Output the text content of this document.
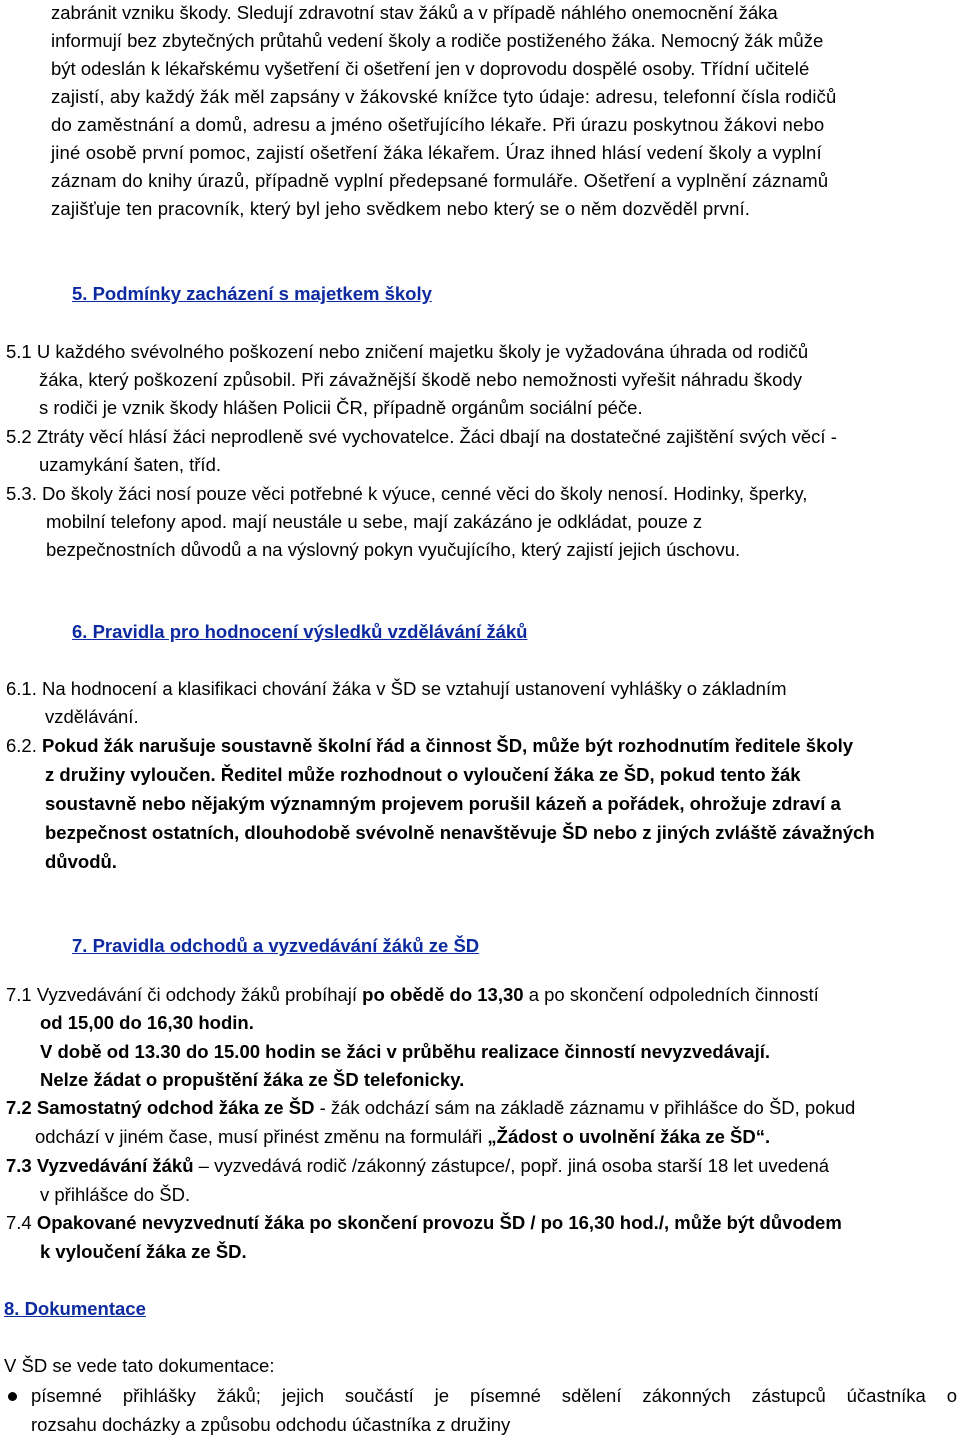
zabránit vzniku škody. Sledují zdravotní stav žáků a v případě náhlého onemocnění žáka
informují bez zbytečných průtahů vedení školy a rodiče postiženého žáka. Nemocný žák může
být odeslán k lékařskému vyšetření či ošetření jen v doprovodu dospělé osoby. Třídní učitelé
zajistí, aby každý žák měl zapsány v žákovské knížce tyto údaje: adresu, telefonní čísla rodičů
do zaměstnání a domů, adresu a jméno ošetřujícího lékaře. Při úrazu poskytnou žákovi nebo
jiné osobě první pomoc, zajistí ošetření žáka lékařem. Úraz ihned hlásí vedení školy a vyplní
záznam do knihy úrazů, případně vyplní předepsané formuláře. Ošetření a vyplnění záznamů
zajišťuje ten pracovník, který byl jeho svědkem nebo který se o něm dozvěděl první.
5. Podmínky zacházení s majetkem školy
5.1 U každého svévolného poškození nebo zničení majetku školy je vyžadována úhrada od rodičů
žáka, který poškození způsobil. Při závažnější škodě nebo nemožnosti vyřešit náhradu škody
s rodiči je vznik škody hlášen Policii ČR, případně orgánům sociální péče.
5.2 Ztráty věcí hlásí žáci neprodleně své vychovatelce. Žáci dbají na dostatečné zajištění svých věcí -
uzamykání šaten, tříd.
5.3. Do školy žáci nosí pouze věci potřebné k výuce, cenné věci do školy nenosí. Hodinky, šperky,
mobilní telefony apod. mají neustále u sebe, mají zakázáno je odkládat, pouze z
bezpečnostních důvodů a na výslovný pokyn vyučujícího, který zajistí jejich úschovu.
6. Pravidla pro hodnocení výsledků vzdělávání žáků
6.1. Na hodnocení a klasifikaci chování žáka v ŠD se vztahují ustanovení vyhlášky o základním
vzdělávání.
6.2. Pokud žák narušuje soustavně školní řád a činnost ŠD, může být rozhodnutím ředitele školy
z družiny vyloučen. Ředitel může rozhodnout o vyloučení žáka ze ŠD, pokud tento žák
soustavně nebo nějakým významným projevem porušil kázeň a pořádek, ohrožuje zdraví a
bezpečnost ostatních, dlouhodobě svévolně nenavštěvuje ŠD nebo z jiných zvláště závažných
důvodů.
7. Pravidla odchodů a vyzvedávání žáků ze ŠD
7.1 Vyzvedávání či odchody žáků probíhají po obědě do 13,30 a po skončení odpoledních činností
od 15,00 do 16,30 hodin.
V době od 13.30 do 15.00 hodin se žáci v průběhu realizace činností nevyzvedávají.
Nelze žádat o propuštění žáka ze ŠD telefonicky.
7.2 Samostatný odchod žáka ze ŠD - žák odchází sám na základě záznamu v přihlášce do ŠD, pokud
odchází v jiném čase, musí přinést změnu na formuláři „Žádost o uvolnění žáka ze ŠD“.
7.3 Vyzvedávání žáků – vyzvedává rodič /zákonný zástupce/, popř. jiná osoba starší 18 let uvedená
v přihlášce do ŠD.
7.4 Opakované nevyzvednutí žáka po skončení provozu ŠD / po 16,30 hod./, může být důvodem
k vyloučení žáka ze ŠD.
8. Dokumentace
V ŠD se vede tato dokumentace:
písemné přihlášky žáků; jejich součástí je písemné sdělení zákonných zástupců účastníka o
rozsahu docházky a způsobu odchodu účastníka z družiny
